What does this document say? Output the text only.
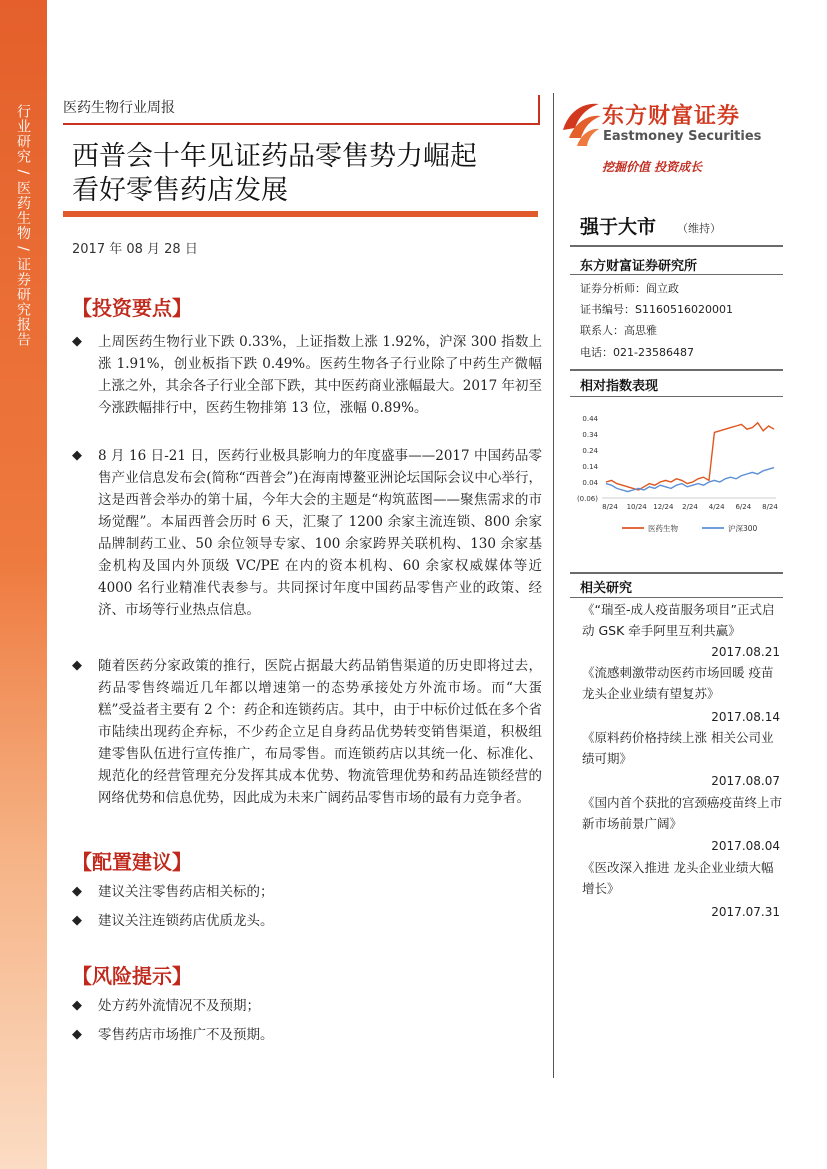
行业研究 / 医药生物 / 证券研究报告 医药生物行业周报
西普会十年见证药品零售势力崛起
看好零售药店发展
2017 年 08 月 28 日
【投资要点】
◆ 上周医药生物行业下跌 0.33%，上证指数上涨 1.92%，沪深 300 指数上涨 1.91%，创业板指下跌 0.49%。医药生物各子行业除了中药生产微幅上涨之外，其余各子行业全部下跌，其中医药商业涨幅最大。2017 年初至今涨跌幅排行中，医药生物排第 13 位，涨幅 0.89%。
◆ 8 月 16 日-21 日，医药行业极具影响力的年度盛事——2017 中国药品零售产业信息发布会(简称“西普会”)在海南博鳌亚洲论坛国际会议中心举行，这是西普会举办的第十届，今年大会的主题是“构筑蓝图——聚焦需求的市场觉醒”。本届西普会历时 6 天，汇聚了 1200 余家主流连锁、800 余家品牌制药工业、50 余位领导专家、100 余家跨界关联机构、130 余家基金机构及国内外顶级 VC/PE 在内的资本机构、60 余家权威媒体等近 4000 名行业精准代表参与。共同探讨年度中国药品零售产业的政策、经济、市场等行业热点信息。
◆ 随着医药分家政策的推行，医院占据最大药品销售渠道的历史即将过去，药品零售终端近几年都以增速第一的态势承接处方外流市场。而“大蛋糕”受益者主要有 2 个：药企和连锁药店。其中，由于中标价过低在多个省市陆续出现药企弃标，不少药企立足自身药品优势转变销售渠道，积极组建零售队伍进行宣传推广，布局零售。而连锁药店以其统一化、标准化、规范化的经营管理充分发挥其成本优势、物流管理优势和药品连锁经营的网络优势和信息优势，因此成为未来广阔药品零售市场的最有力竞争者。
【配置建议】
◆ 建议关注零售药店相关标的；
◆ 建议关注连锁药店优质龙头。
【风险提示】
◆ 处方药外流情况不及预期；
◆ 零售药店市场推广不及预期。
东方财富证券
Eastmoney Securities
挖掘价值 投资成长
强于大市 （维持）
东方财富证券研究所
证券分析师：阎立政
证书编号：S1160516020001
联系人：高思雅
电话：021-23586487
相对指数表现
0.44
0.34
0.24
0.14
0.04
(0.06)
8/24 10/24 12/24 2/24 4/24 6/24 8/24
医药生物	沪深300
相关研究
《“瑞至-成人疫苗服务项目”正式启动 GSK 牵手阿里互利共赢》
2017.08.21
《流感刺激带动医药市场回暖 疫苗龙头企业业绩有望复苏》
2017.08.14
《原料药价格持续上涨 相关公司业绩可期》
2017.08.07
《国内首个获批的宫颈癌疫苗终上市 新市场前景广阔》
2017.08.04
《医改深入推进 龙头企业业绩大幅增长》
2017.07.31
